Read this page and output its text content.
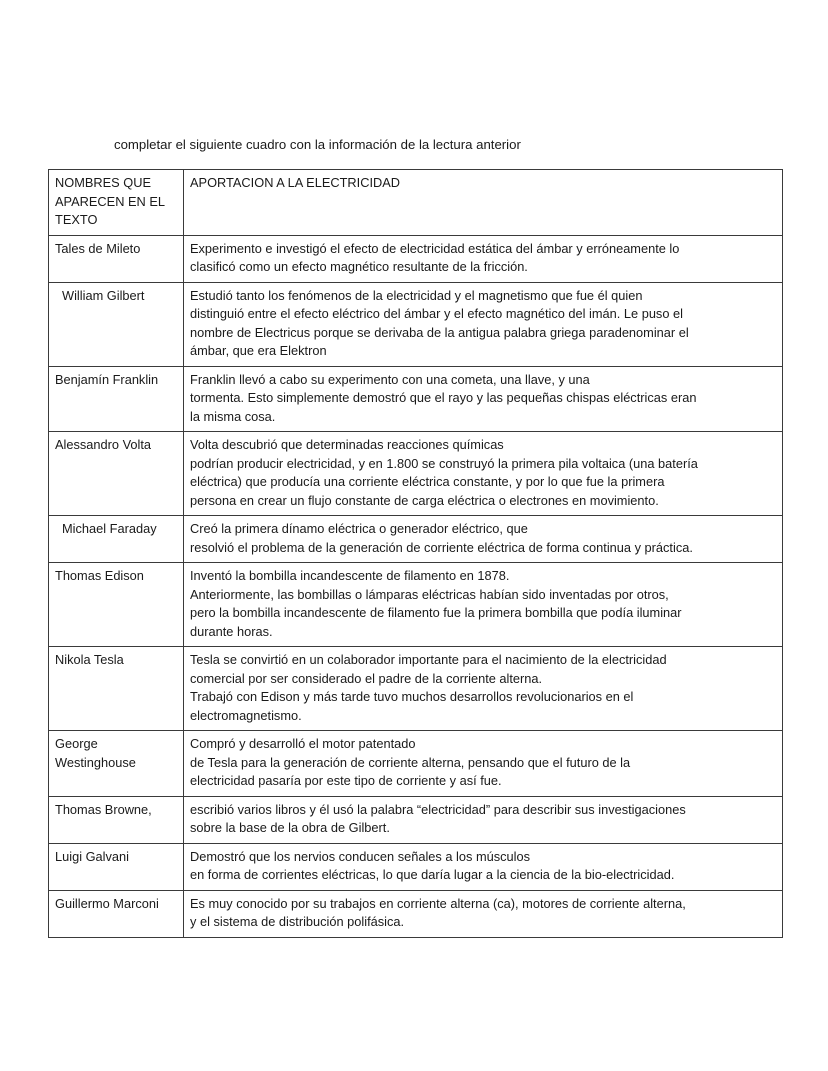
completar el siguiente cuadro con la información de la lectura anterior
NOMBRES QUE APARECEN EN EL TEXTO	APORTACION A LA ELECTRICIDAD
Tales de Mileto	Experimento e investigó el efecto de electricidad estática del ámbar y erróneamente lo
clasificó como un efecto magnético resultante de la fricción.

William Gilbert	Estudió tanto los fenómenos de la electricidad y el magnetismo que fue él quien
distinguió entre el efecto eléctrico del ámbar y el efecto magnético del imán. Le puso el
nombre de Electricus porque se derivaba de la antigua palabra griega paradenominar el
ámbar, que era Elektron

Benjamín Franklin	Franklin llevó a cabo su experimento con una cometa, una llave, y una
tormenta. Esto simplemente demostró que el rayo y las pequeñas chispas eléctricas eran
la misma cosa.

Alessandro Volta	Volta descubrió que determinadas reacciones químicas
podrían producir electricidad, y en 1.800 se construyó la primera pila voltaica (una batería
eléctrica) que producía una corriente eléctrica constante, y por lo que fue la primera
persona en crear un flujo constante de carga eléctrica o electrones en movimiento.

Michael Faraday	Creó la primera dínamo eléctrica o generador eléctrico, que
resolvió el problema de la generación de corriente eléctrica de forma continua y práctica.

Thomas Edison	Inventó la bombilla incandescente de filamento en 1878.
Anteriormente, las bombillas o lámparas eléctricas habían sido inventadas por otros,
pero la bombilla incandescente de filamento fue la primera bombilla que podía iluminar
durante horas.

Nikola Tesla	Tesla se convirtió en un colaborador importante para el nacimiento de la electricidad
comercial por ser considerado el padre de la corriente alterna.
Trabajó con Edison y más tarde tuvo muchos desarrollos revolucionarios en el
electromagnetismo.

George Westinghouse	Compró y desarrolló el motor patentado
de Tesla para la generación de corriente alterna, pensando que el futuro de la
electricidad pasaría por este tipo de corriente y así fue.

Thomas Browne,	escribió varios libros y él usó la palabra “electricidad” para describir sus investigaciones
sobre la base de la obra de Gilbert.

Luigi Galvani	Demostró que los nervios conducen señales a los músculos
en forma de corrientes eléctricas, lo que daría lugar a la ciencia de la bio-electricidad.

Guillermo Marconi	Es muy conocido por su trabajos en corriente alterna (ca), motores de corriente alterna,
y el sistema de distribución polifásica.
